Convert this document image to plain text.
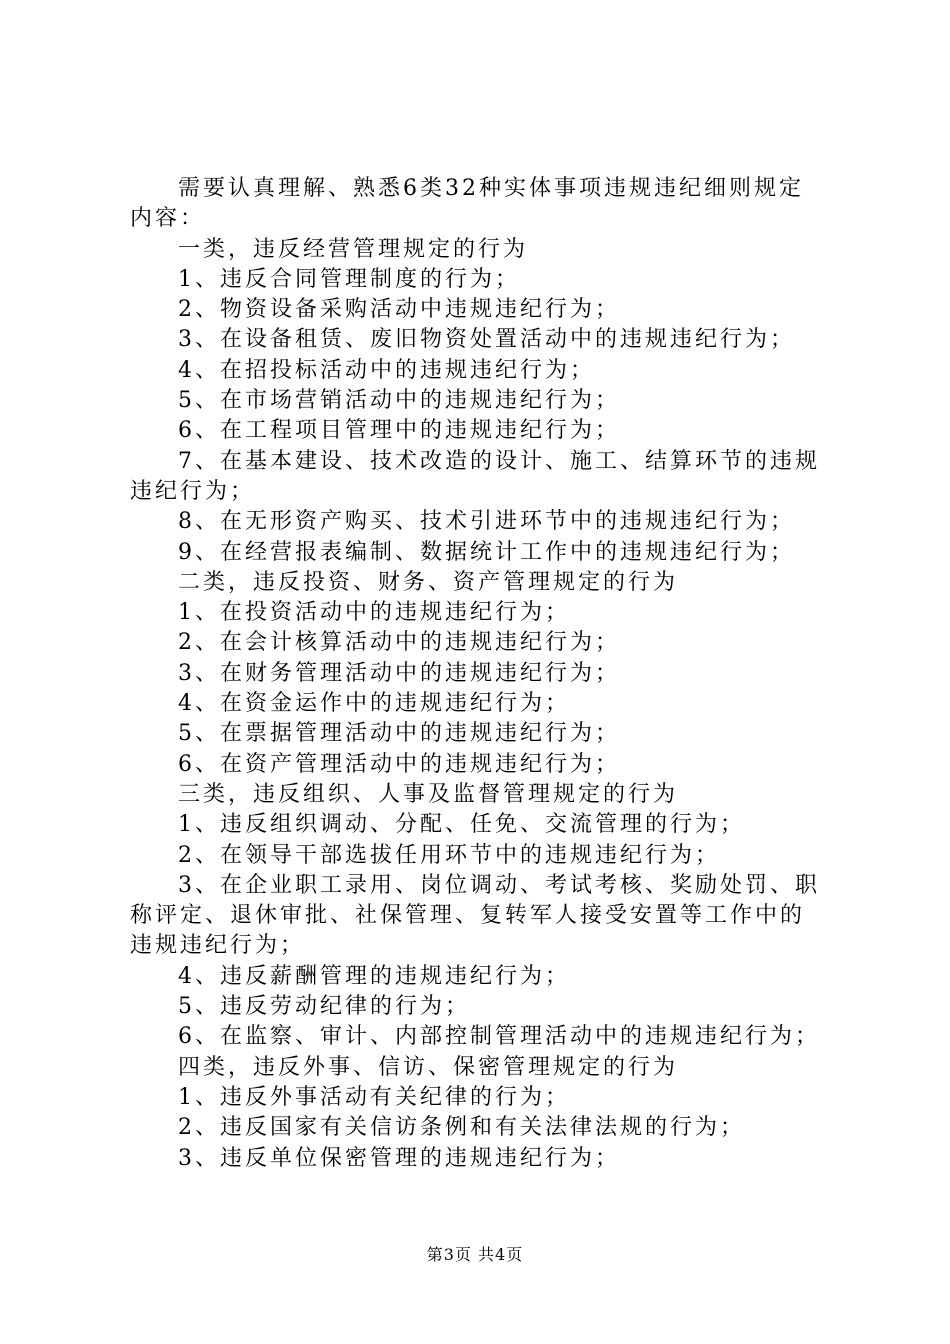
需要认真理解、熟悉6类32种实体事项违规违纪细则规定
内容：
一类，违反经营管理规定的行为
1、违反合同管理制度的行为；
2、物资设备采购活动中违规违纪行为；
3、在设备租赁、废旧物资处置活动中的违规违纪行为；
4、在招投标活动中的违规违纪行为；
5、在市场营销活动中的违规违纪行为；
6、在工程项目管理中的违规违纪行为；
7、在基本建设、技术改造的设计、施工、结算环节的违规
违纪行为；
8、在无形资产购买、技术引进环节中的违规违纪行为；
9、在经营报表编制、数据统计工作中的违规违纪行为；
二类，违反投资、财务、资产管理规定的行为
1、在投资活动中的违规违纪行为；
2、在会计核算活动中的违规违纪行为；
3、在财务管理活动中的违规违纪行为；
4、在资金运作中的违规违纪行为；
5、在票据管理活动中的违规违纪行为；
6、在资产管理活动中的违规违纪行为；
三类，违反组织、人事及监督管理规定的行为
1、违反组织调动、分配、任免、交流管理的行为；
2、在领导干部选拔任用环节中的违规违纪行为；
3、在企业职工录用、岗位调动、考试考核、奖励处罚、职
称评定、退休审批、社保管理、复转军人接受安置等工作中的
违规违纪行为；
4、违反薪酬管理的违规违纪行为；
5、违反劳动纪律的行为；
6、在监察、审计、内部控制管理活动中的违规违纪行为；
四类，违反外事、信访、保密管理规定的行为
1、违反外事活动有关纪律的行为；
2、违反国家有关信访条例和有关法律法规的行为；
3、违反单位保密管理的违规违纪行为；
第3页 共4页
